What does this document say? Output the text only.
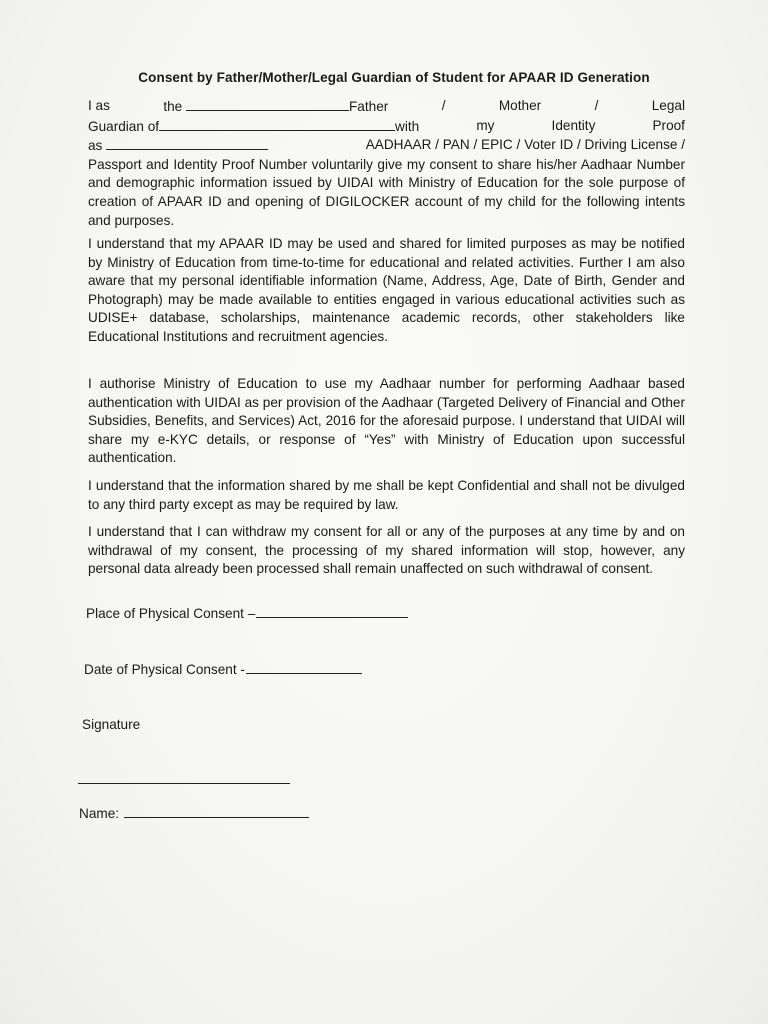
Consent by Father/Mother/Legal Guardian of Student for APAAR ID Generation
I as	the	Father	/	Mother	/	Legal
Guardian of	with	my	Identity	Proof
as	AADHAAR / PAN / EPIC / Voter ID / Driving License /
Passport and Identity Proof Number voluntarily give my consent to share his/her Aadhaar Number and demographic information issued by UIDAI with Ministry of Education for the sole purpose of creation of APAAR ID and opening of DIGILOCKER account of my child for the following intents and purposes.
I understand that my APAAR ID may be used and shared for limited purposes as may be notified by Ministry of Education from time-to-time for educational and related activities. Further I am also aware that my personal identifiable information (Name, Address, Age, Date of Birth, Gender and Photograph) may be made available to entities engaged in various educational activities such as UDISE+ database, scholarships, maintenance academic records, other stakeholders like Educational Institutions and recruitment agencies.
I authorise Ministry of Education to use my Aadhaar number for performing Aadhaar based authentication with UIDAI as per provision of the Aadhaar (Targeted Delivery of Financial and Other Subsidies, Benefits, and Services) Act, 2016 for the aforesaid purpose. I understand that UIDAI will share my e-KYC details, or response of “Yes” with Ministry of Education upon successful authentication.
I understand that the information shared by me shall be kept Confidential and shall not be divulged to any third party except as may be required by law.
I understand that I can withdraw my consent for all or any of the purposes at any time by and on withdrawal of my consent, the processing of my shared information will stop, however, any personal data already been processed shall remain unaffected on such withdrawal of consent.
Place of Physical Consent –
Date of Physical Consent -
Signature
Name:
